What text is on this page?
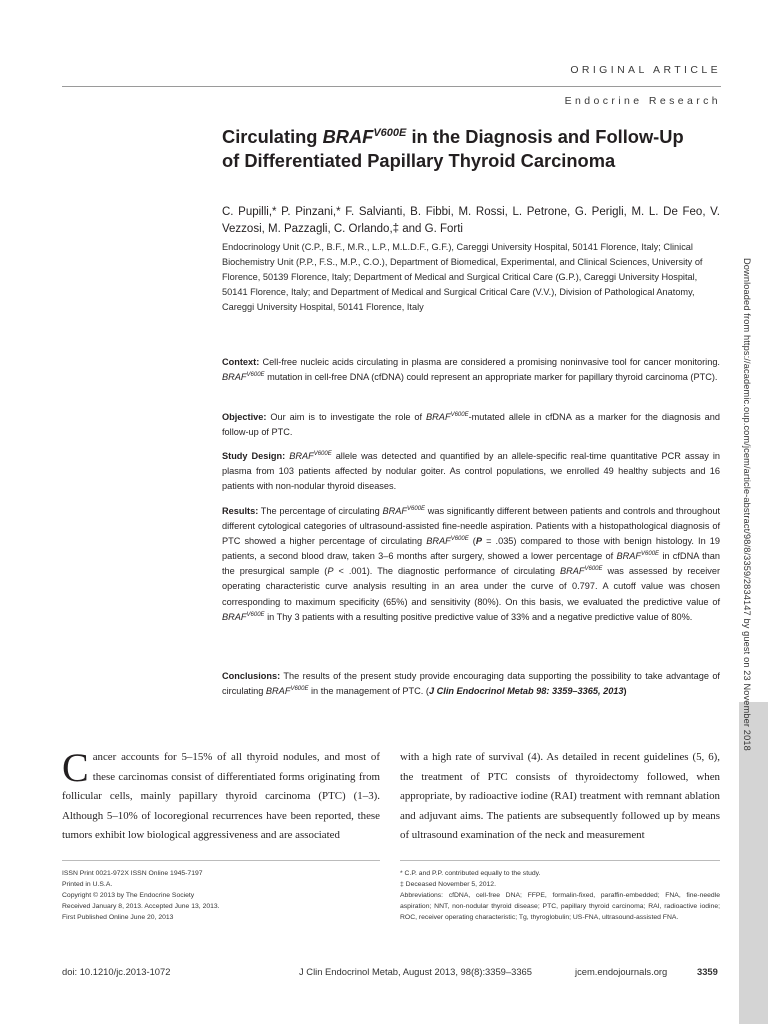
ORIGINAL ARTICLE
Endocrine Research
Circulating $BRAF^{V600E}$ in the Diagnosis and Follow-Up
of Differentiated Papillary Thyroid Carcinoma
C. Pupilli,* P. Pinzani,* F. Salvianti, B. Fibbi, M. Rossi, L. Petrone, G. Perigli, M. L. De Feo, V. Vezzosi, M. Pazzagli, C. Orlando,‡ and G. Forti
Endocrinology Unit (C.P., B.F., M.R., L.P., M.L.D.F., G.F.), Careggi University Hospital, 50141 Florence, Italy; Clinical Biochemistry Unit (P.P., F.S., M.P., C.O.), Department of Biomedical, Experimental, and Clinical Sciences, University of Florence, 50139 Florence, Italy; Department of Medical and Surgical Critical Care (G.P.), Careggi University Hospital, 50141 Florence, Italy; and Department of Medical and Surgical Critical Care (V.V.), Division of Pathological Anatomy, Careggi University Hospital, 50141 Florence, Italy
Context: Cell-free nucleic acids circulating in plasma are considered a promising noninvasive tool for cancer monitoring. $BRAF^{V600E}$ mutation in cell-free DNA (cfDNA) could represent an appropriate marker for papillary thyroid carcinoma (PTC).
Objective: Our aim is to investigate the role of $BRAF^{V600E}$-mutated allele in cfDNA as a marker for the diagnosis and follow-up of PTC.
Study Design: $BRAF^{V600E}$ allele was detected and quantified by an allele-specific real-time quantitative PCR assay in plasma from 103 patients affected by nodular goiter. As control populations, we enrolled 49 healthy subjects and 16 patients with non-nodular thyroid diseases.
Results: The percentage of circulating $BRAF^{V600E}$ was significantly different between patients and controls and throughout different cytological categories of ultrasound-assisted fine-needle aspiration. Patients with a histopathological diagnosis of PTC showed a higher percentage of circulating $BRAF^{V600E}$ (P = .035) compared to those with benign histology. In 19 patients, a second blood draw, taken 3–6 months after surgery, showed a lower percentage of $BRAF^{V600E}$ in cfDNA than the presurgical sample (P < .001). The diagnostic performance of circulating $BRAF^{V600E}$ was assessed by receiver operating characteristic curve analysis resulting in an area under the curve of 0.797. A cutoff value was chosen corresponding to maximum specificity (65%) and sensitivity (80%). On this basis, we evaluated the predictive value of $BRAF^{V600E}$ in Thy 3 patients with a resulting positive predictive value of 33% and a negative predictive value of 80%.
Conclusions: The results of the present study provide encouraging data supporting the possibility to take advantage of circulating $BRAF^{V600E}$ in the management of PTC. (J Clin Endocrinol Metab 98: 3359–3365, 2013)
Cancer accounts for 5–15% of all thyroid nodules, and most of these carcinomas consist of differentiated forms originating from follicular cells, mainly papillary thyroid carcinoma (PTC) (1–3). Although 5–10% of locoregional recurrences have been reported, these tumors exhibit low biological aggressiveness and are associated
with a high rate of survival (4). As detailed in recent guidelines (5, 6), the treatment of PTC consists of thyroidectomy followed, when appropriate, by radioactive iodine (RAI) treatment with remnant ablation and adjuvant aims. The patients are subsequently followed up by means of ultrasound examination of the neck and measurement
ISSN Print 0021-972X ISSN Online 1945-7197
Printed in U.S.A.
Copyright © 2013 by The Endocrine Society
Received January 8, 2013. Accepted June 13, 2013.
First Published Online June 20, 2013
* C.P. and P.P. contributed equally to the study.
‡ Deceased November 5, 2012.
Abbreviations: cfDNA, cell-free DNA; FFPE, formalin-fixed, paraffin-embedded; FNA, fine-needle aspiration; NNT, non-nodular thyroid disease; PTC, papillary thyroid carcinoma; RAI, radioactive iodine; ROC, receiver operating characteristic; Tg, thyroglobulin; US-FNA, ultrasound-assisted FNA.
doi: 10.1210/jc.2013-1072	J Clin Endocrinol Metab, August 2013, 98(8):3359–3365	jcem.endojournals.org	3359
Downloaded from https://academic.oup.com/jcem/article-abstract/98/8/3359/2834147 by guest on 23 November 2018
